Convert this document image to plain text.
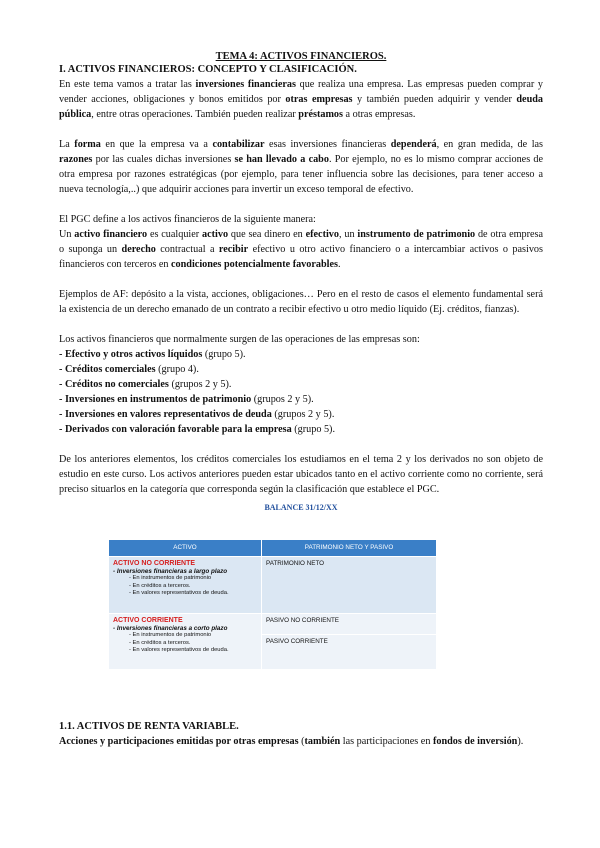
TEMA 4: ACTIVOS FINANCIEROS.
I. ACTIVOS FINANCIEROS: CONCEPTO Y CLASIFICACIÓN.

En este tema vamos a tratar las inversiones financieras que realiza una empresa. Las empresas pueden comprar y vender acciones, obligaciones y bonos emitidos por otras empresas y también pueden adquirir y vender deuda pública, entre otras operaciones. También pueden realizar préstamos a otras empresas.

La forma en que la empresa va a contabilizar esas inversiones financieras dependerá, en gran medida, de las razones por las cuales dichas inversiones se han llevado a cabo. Por ejemplo, no es lo mismo comprar acciones de otra empresa por razones estratégicas (por ejemplo, para tener influencia sobre las decisiones, para tener acceso a nueva tecnología,..) que adquirir acciones para invertir un exceso temporal de efectivo.

El PGC define a los activos financieros de la siguiente manera:

Un activo financiero es cualquier activo que sea dinero en efectivo, un instrumento de patrimonio de otra empresa o suponga un derecho contractual a recibir efectivo u otro activo financiero o a intercambiar activos o pasivos financieros con terceros en condiciones potencialmente favorables.

Ejemplos de AF: depósito a la vista, acciones, obligaciones… Pero en el resto de casos el elemento fundamental será la existencia de un derecho emanado de un contrato a recibir efectivo u otro medio líquido (Ej. créditos, fianzas).

Los activos financieros que normalmente surgen de las operaciones de las empresas son:

- Efectivo y otros activos líquidos (grupo 5).
- Créditos comerciales (grupo 4).
- Créditos no comerciales (grupos 2 y 5).
- Inversiones en instrumentos de patrimonio (grupos 2 y 5).
- Inversiones en valores representativos de deuda (grupos 2 y 5).
- Derivados con valoración favorable para la empresa (grupo 5).

De los anteriores elementos, los créditos comerciales los estudiamos en el tema 2 y los derivados no son objeto de estudio en este curso. Los activos anteriores pueden estar ubicados tanto en el activo corriente como no corriente, será preciso situarlos en la categoría que corresponda según la clasificación que establece el PGC.

BALANCE 31/12/XX
ACTIVO	PATRIMONIO NETO Y PASIVO

ACTIVO NO CORRIENTE
- Inversiones financieras a largo plazo
- En instrumentos de patrimonio
- En créditos a terceros.
- En valores representativos de deuda.	PATRIMONIO NETO

ACTIVO CORRIENTE
- Inversiones financieras a corto plazo
- En instrumentos de patrimonio
- En créditos a terceros.
- En valores representativos de deuda.	PASIVO NO CORRIENTE
	PASIVO CORRIENTE
1.1. ACTIVOS DE RENTA VARIABLE.

Acciones y participaciones emitidas por otras empresas (también las participaciones en fondos de inversión).
